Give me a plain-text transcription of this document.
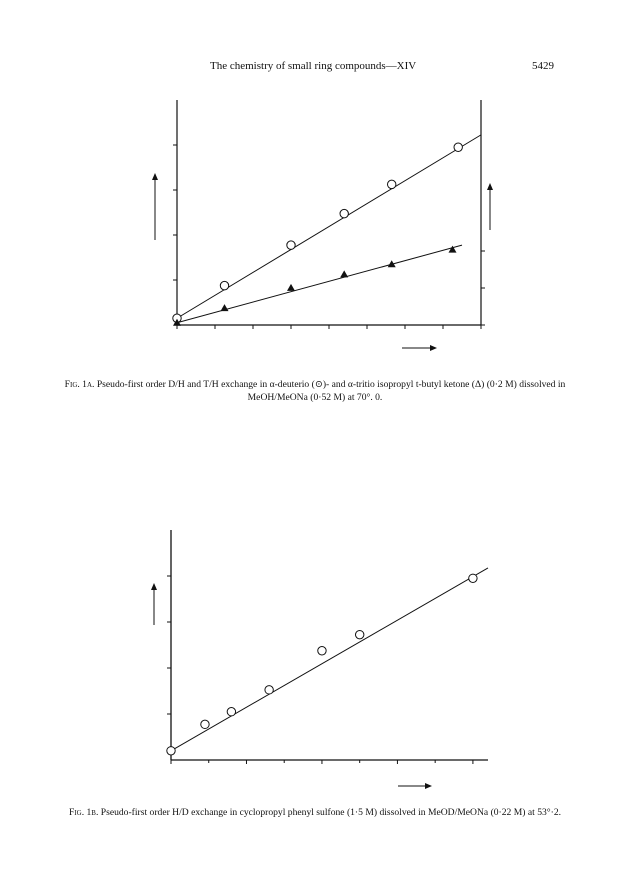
The chemistry of small ring compounds—XIV	5429
Fig. 1a. Pseudo-first order D/H and T/H exchange in α-deuterio (⊙)- and α-tritio isopropyl t-butyl ketone (Δ) (0·2 M) dissolved in MeOH/MeONa (0·52 M) at 70°. 0.
Fig. 1b. Pseudo-first order H/D exchange in cyclopropyl phenyl sulfone (1·5 M) dissolved in MeOD/MeONa (0·22 M) at 53°·2.
